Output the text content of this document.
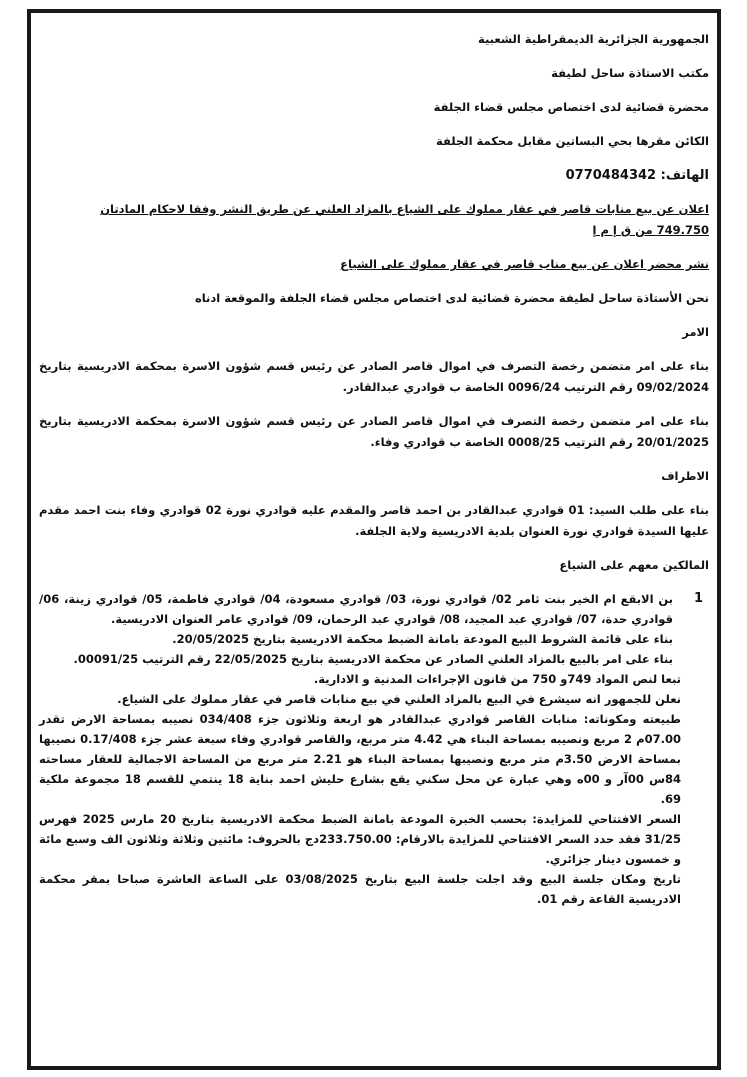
الجمهورية الجزائرية الديمقراطية الشعبية

مكتب الاستاذة ساحل لطيفة

محضرة قضائية لدى اختصاص مجلس قضاء الجلفة

الكائن مقرها بحي البساتين مقابل محكمة الجلفة

الهاتف: 0770484342

اعلان عن بيع منابات قاصر في عقار مملوك على الشياع بالمزاد العلني عن طريق النشر وفقا لاحكام المادتان

749.750 من ق إ م إ

نشر محضر اعلان عن بيع مناب قاصر في عقار مملوك على الشياع

نحن الأستاذة ساحل لطيفة محضرة قضائية لدى اختصاص مجلس قضاء الجلفة والموقعة ادناه

الامر

بناء على امر متضمن رخصة التصرف في اموال قاصر الصادر عن رئيس قسم شؤون الاسرة بمحكمة الادريسية بتاريخ 09/02/2024 رقم الترتيب 0096/24 الخاصة ب قوادري عبدالقادر.

بناء على امر متضمن رخصة التصرف في اموال قاصر الصادر عن رئيس قسم شؤون الاسرة بمحكمة الادريسية بتاريخ 20/01/2025 رقم الترتيب 0008/25 الخاصة ب قوادري وفاء.

الاطراف

بناء على طلب السيد: 01 قوادري عبدالقادر بن احمد قاصر والمقدم عليه قوادري نورة 02 قوادري وفاء بنت احمد مقدم عليها السيدة قوادري نورة العنوان بلدية الادريسية ولاية الجلفة.

المالكين معهم على الشياع

1

بن الابقع ام الخير بنت ثامر 02/ قوادري نورة، 03/ قوادري مسعودة، 04/ قوادري فاطمة، 05/ قوادري زينة، 06/ قوادري حدة، 07/ قوادري عبد المجيد، 08/ قوادري عبد الرحمان، 09/ قوادري عامر العنوان الادريسية.

بناء على قائمة الشروط البيع المودعة بامانة الضبط محكمة الادريسية بتاريخ 20/05/2025.

بناء على امر بالبيع بالمزاد العلني الصادر عن محكمة الادريسية بتاريخ 22/05/2025 رقم الترتيب 00091/25.

تبعا لنص المواد 749و 750 من قانون الإجراءات المدنية و الادارية.

نعلن للجمهور انه سيشرع في البيع بالمزاد العلني في بيع منابات قاصر في عقار مملوك على الشياع.

طبيعته ومكوناته: منابات القاصر قوادري عبدالقادر هو اربعة وثلاثون جزء 034/408 نصيبه بمساحة الارض تقدر 07.00م 2 مربع ونصيبه بمساحة البناء هي 4.42 متر مربع، والقاصر قوادري وفاء سبعة عشر جزء 0.17/408 نصيبها بمساحة الارض 3.50م متر مربع ونصيبها بمساحة البناء هو 2.21 متر مربع من المساحة الاجمالية للعقار مساحته 84س 00آر و 00ه وهي عبارة عن محل سكني يقع بشارع حليش احمد بناية 18 ينتمي للقسم 18 مجموعة ملكية 69.

السعر الافتتاحي للمزايدة: بحسب الخبرة المودعة بامانة الضبط محكمة الادريسية بتاريخ 20 مارس 2025 فهرس 31/25 فقد حدد السعر الافتتاحي للمزايدة بالارقام: 233.750.00دج بالحروف: مائتين وثلاثة وثلاثون الف وسبع مائة و خمسون دينار جزائري.

تاريخ ومكان جلسة البيع وقد اجلت جلسة البيع بتاريخ 03/08/2025 على الساعة العاشرة صباحا بمقر محكمة الادريسية القاعة رقم 01.
